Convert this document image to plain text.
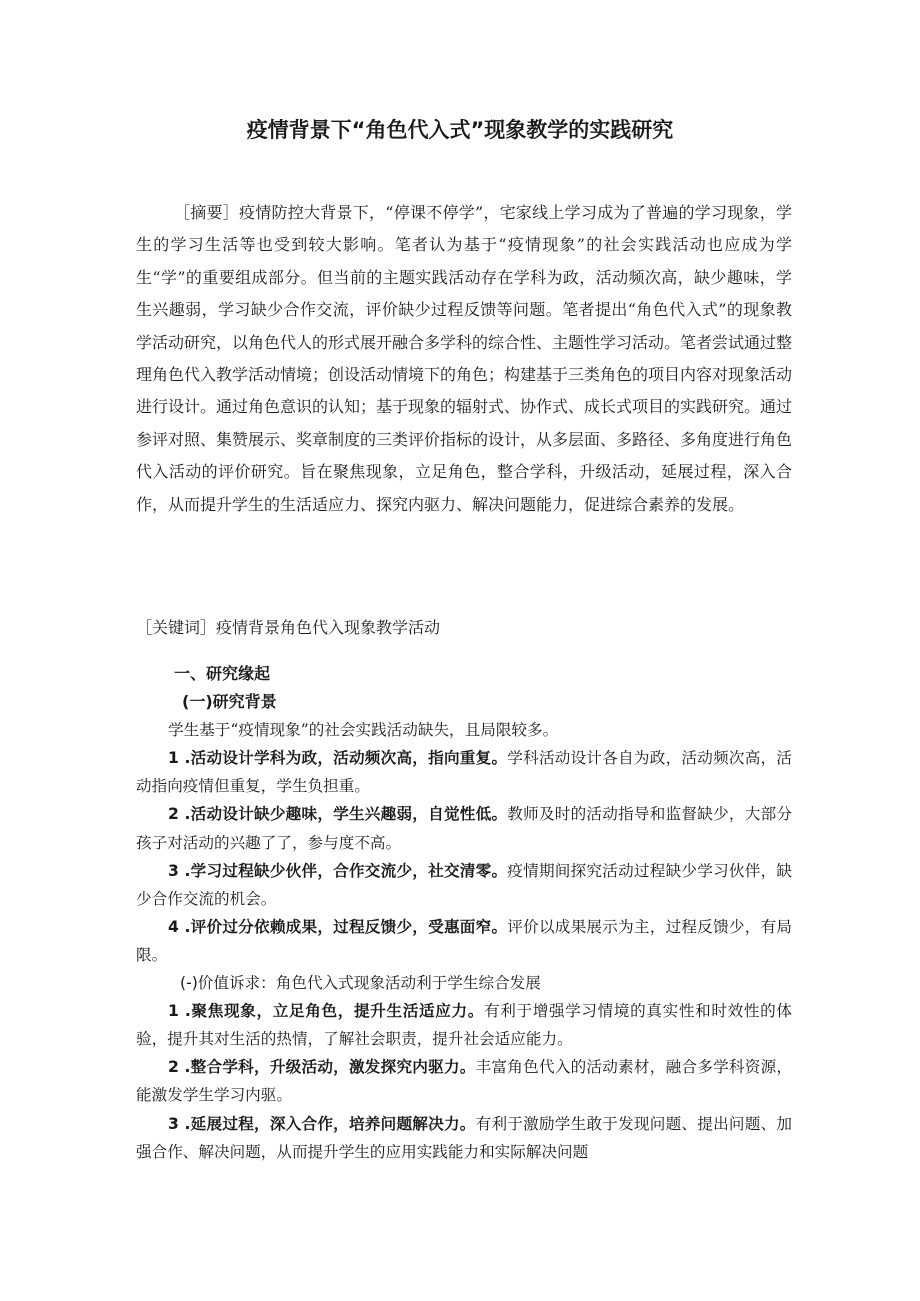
疫情背景下“角色代入式”现象教学的实践研究
［摘要］疫情防控大背景下，“停课不停学”，宅家线上学习成为了普遍的学习现象，学生的学习生活等也受到较大影响。笔者认为基于“疫情现象”的社会实践活动也应成为学生“学”的重要组成部分。但当前的主题实践活动存在学科为政，活动频次高，缺少趣味，学生兴趣弱，学习缺少合作交流，评价缺少过程反馈等问题。笔者提出“角色代入式”的现象教学活动研究，以角色代人的形式展开融合多学科的综合性、主题性学习活动。笔者尝试通过整理角色代入教学活动情境；创设活动情境下的角色；构建基于三类角色的项目内容对现象活动进行设计。通过角色意识的认知；基于现象的辐射式、协作式、成长式项目的实践研究。通过参评对照、集赞展示、奖章制度的三类评价指标的设计，从多层面、多路径、多角度进行角色代入活动的评价研究。旨在聚焦现象，立足角色，整合学科，升级活动，延展过程，深入合作，从而提升学生的生活适应力、探究内驱力、解决问题能力，促进综合素养的发展。
［关键词］疫情背景角色代入现象教学活动
一、研究缘起
(一)研究背景
学生基于“疫情现象”的社会实践活动缺失，且局限较多。
1 .活动设计学科为政，活动频次高，指向重复。学科活动设计各自为政，活动频次高，活动指向疫情但重复，学生负担重。
2 .活动设计缺少趣味，学生兴趣弱，自觉性低。教师及时的活动指导和监督缺少，大部分孩子对活动的兴趣了了，参与度不高。
3 .学习过程缺少伙伴，合作交流少，社交清零。疫情期间探究活动过程缺少学习伙伴，缺少合作交流的机会。
4 .评价过分依赖成果，过程反馈少，受惠面窄。评价以成果展示为主，过程反馈少，有局限。
(-)价值诉求：角色代入式现象活动利于学生综合发展
1 .聚焦现象，立足角色，提升生活适应力。有利于增强学习情境的真实性和时效性的体验，提升其对生活的热情，了解社会职责，提升社会适应能力。
2 .整合学科，升级活动，激发探究内驱力。丰富角色代入的活动素材，融合多学科资源，能激发学生学习内驱。
3 .延展过程，深入合作，培养问题解决力。有利于激励学生敢于发现问题、提出问题、加强合作、解决问题，从而提升学生的应用实践能力和实际解决问题
